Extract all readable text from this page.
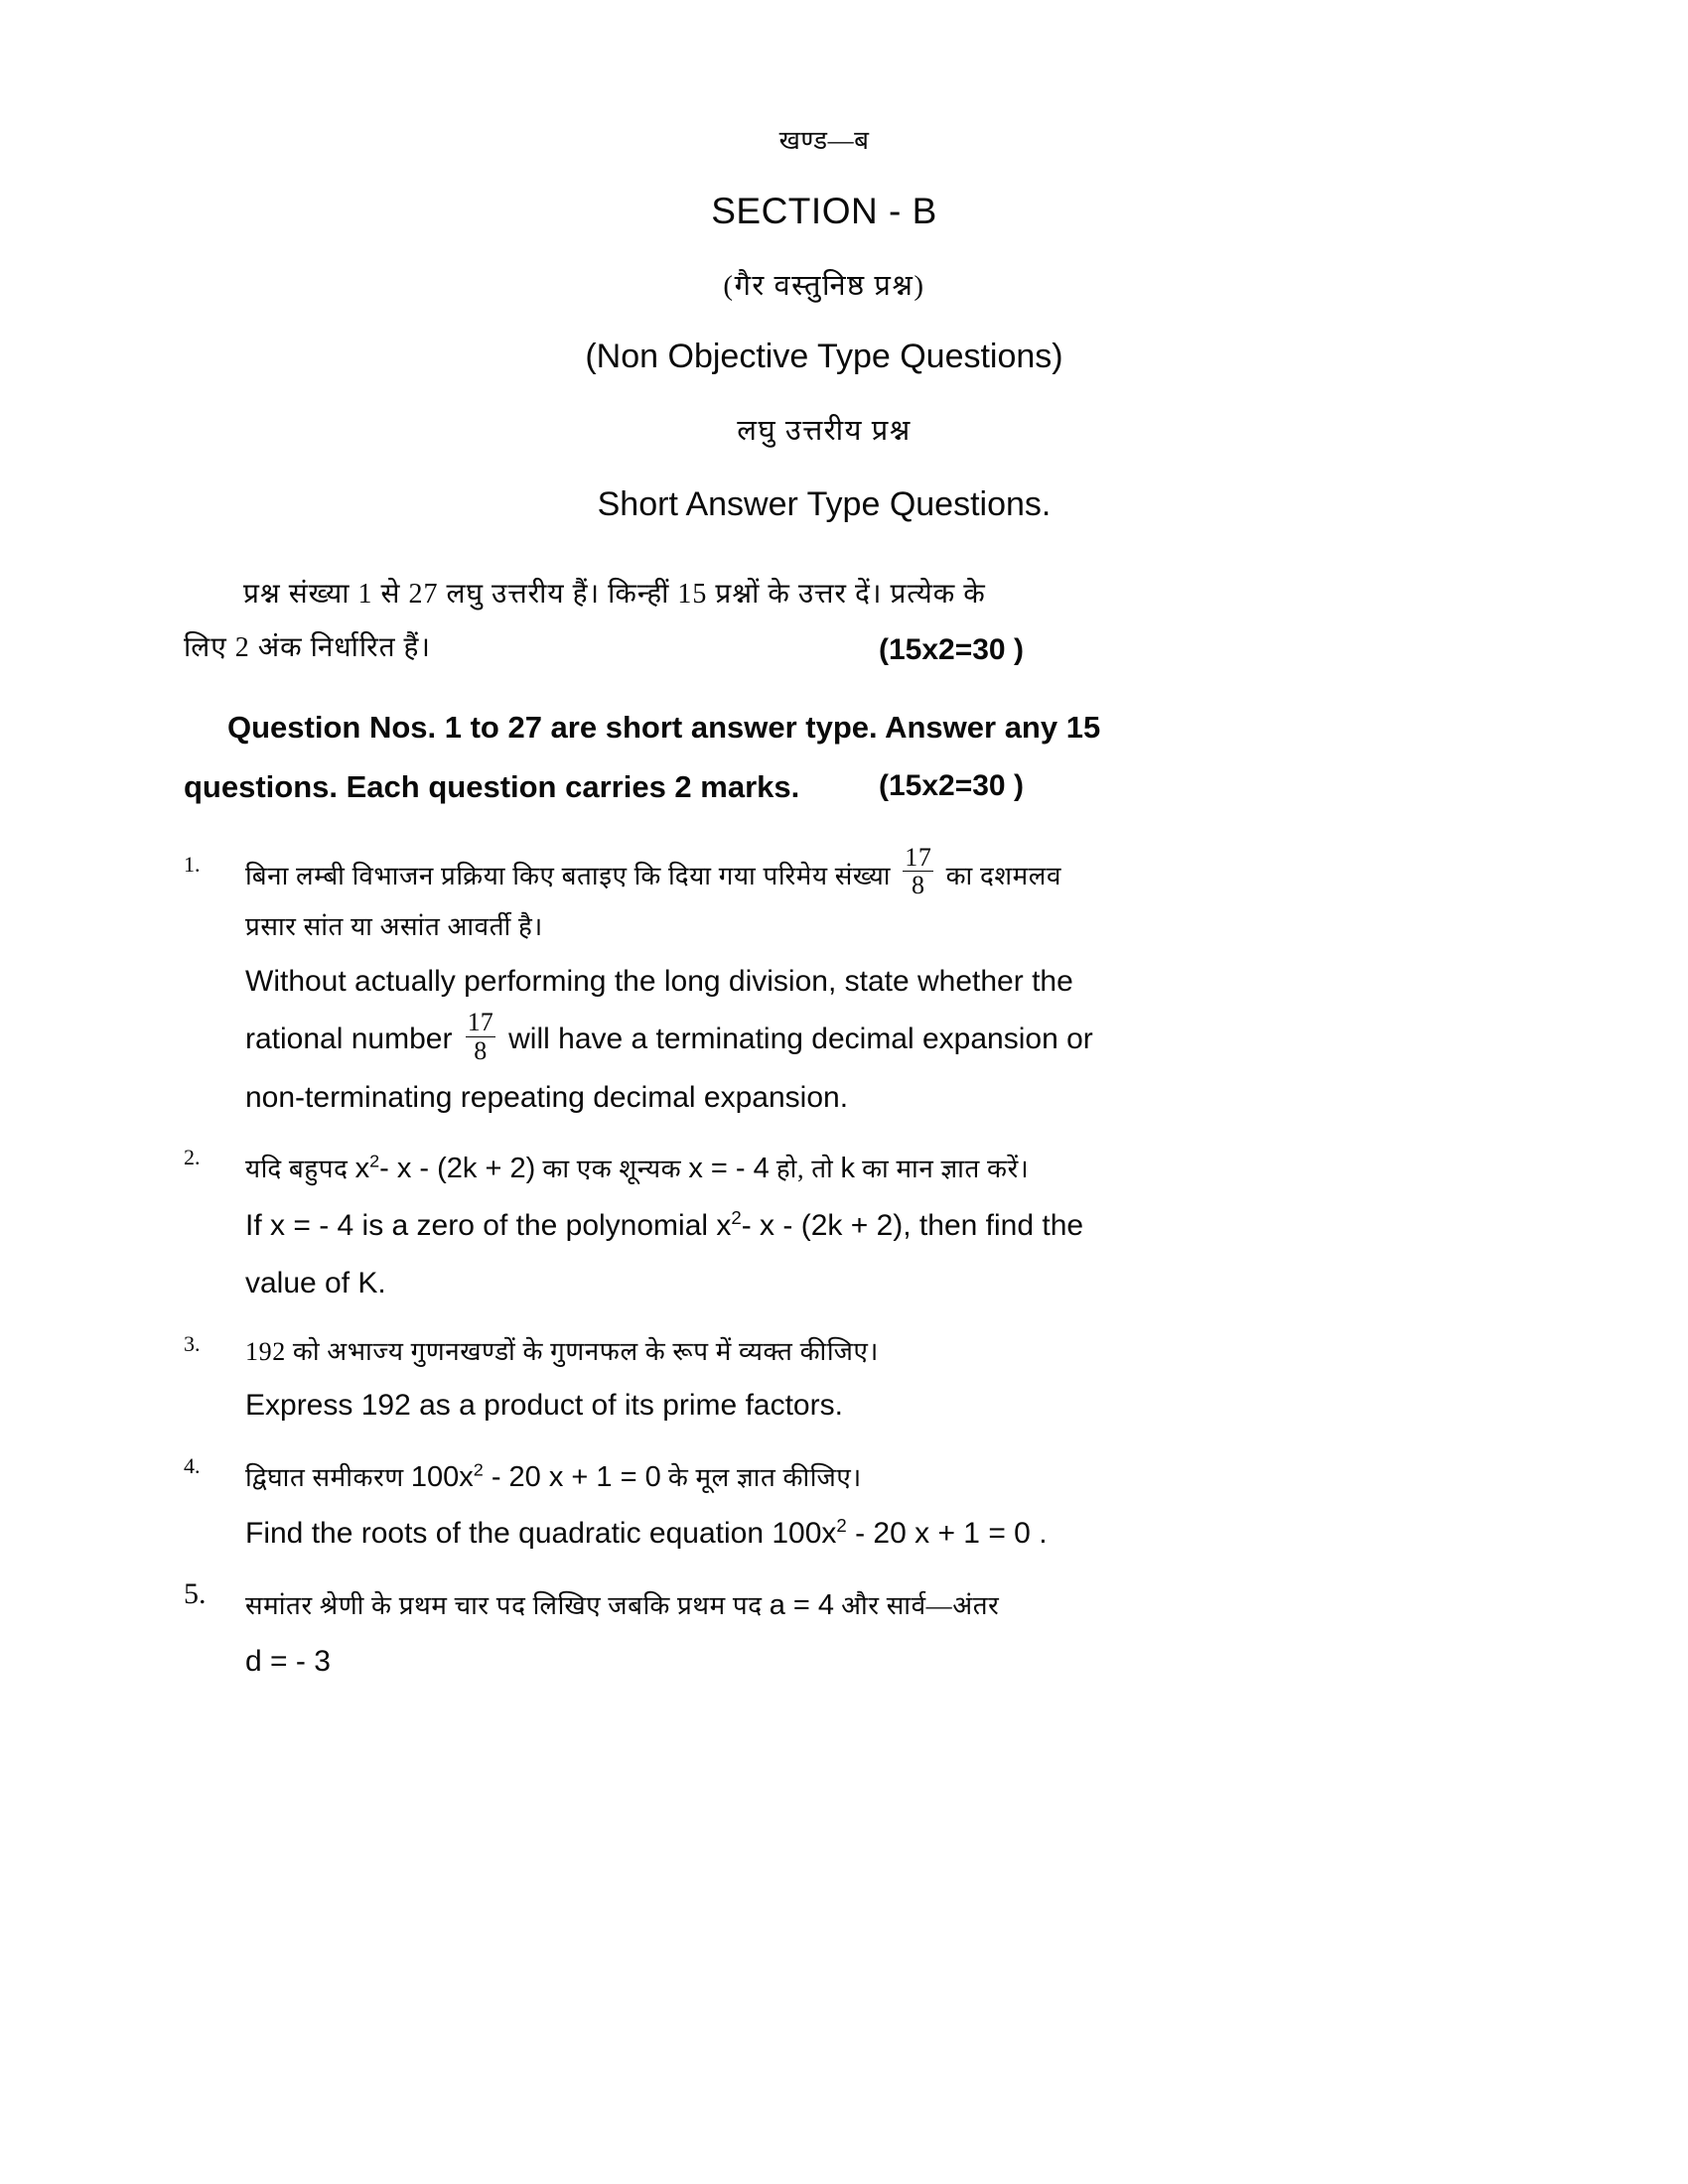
खण्ड—ब
SECTION - B
(गैर वस्तुनिष्ठ प्रश्न)
(Non Objective Type Questions)
लघु उत्तरीय प्रश्न
Short Answer Type Questions.
प्रश्न संख्या 1 से 27 लघु उत्तरीय हैं। किन्हीं 15 प्रश्नों के उत्तर दें। प्रत्येक के
लिए 2 अंक निर्धारित हैं।	(15x2=30 )
Question Nos. 1 to 27 are short answer type. Answer any 15
questions. Each question carries 2 marks.	(15x2=30 )
1. बिना लम्बी विभाजन प्रक्रिया किए बताइए कि दिया गया परिमेय संख्या $\frac{17}{8}$ का दशमलव
प्रसार सांत या असांत आवर्ती है।
Without actually performing the long division, state whether the
rational number $\frac{17}{8}$ will have a terminating decimal expansion or
non-terminating repeating decimal expansion.
2. यदि बहुपद $x^2-$ x - (2k + 2) का एक शून्यक x = - 4 हो, तो k का मान ज्ञात करें।
If x = - 4 is a zero of the polynomial $x^2-$ x - (2k + 2), then find the
value of K.
3. 192 को अभाज्य गुणनखण्डों के गुणनफल के रूप में व्यक्त कीजिए।
Express 192 as a product of its prime factors.
4. द्विघात समीकरण $100x^2 - 20$ x + 1 = 0 के मूल ज्ञात कीजिए।
Find the roots of the quadratic equation $100x^2 - 20$ x + 1 = 0 .
5. समांतर श्रेणी के प्रथम चार पद लिखिए जबकि प्रथम पद a = 4 और सार्व—अंतर
d = - 3
